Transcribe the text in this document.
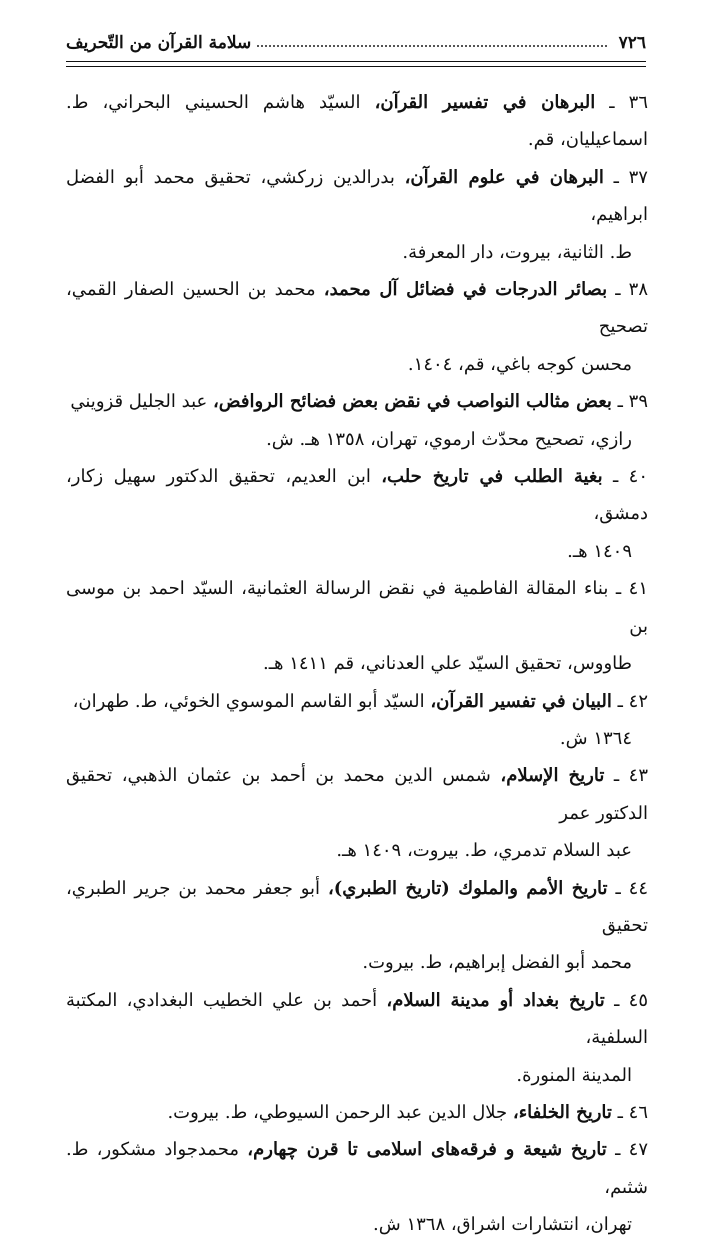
٧٢٦
سلامة القرآن من التّحريف
٣٦ ـ البرهان في تفسير القرآن، السيّد هاشم الحسيني البحراني، ط. اسماعيليان، قم.
٣٧ ـ البرهان في علوم القرآن، بدرالدين زركشي، تحقيق محمد أبو الفضل ابراهيم،
ط. الثانية، بيروت، دار المعرفة.
٣٨ ـ بصائر الدرجات في فضائل آل محمد، محمد بن الحسين الصفار القمي، تصحيح
محسن كوجه باغي، قم، ١٤٠٤.
٣٩ ـ بعض مثالب النواصب في نقض بعض فضائح الروافض، عبد الجليل قزويني
رازي، تصحيح محدّث ارموي، تهران، ١٣٥٨ هـ. ش.
٤٠ ـ بغية الطلب في تاريخ حلب، ابن العديم، تحقيق الدكتور سهيل زكار، دمشق،
١٤٠٩ هـ.
٤١ ـ بناء المقالة الفاطمية في نقض الرسالة العثمانية، السيّد احمد بن موسى بن
طاووس، تحقيق السيّد علي العدناني، قم ١٤١١ هـ.
٤٢ ـ البيان في تفسير القرآن، السيّد أبو القاسم الموسوي الخوئي، ط. طهران،
١٣٦٤ ش.
٤٣ ـ تاريخ الإسلام، شمس الدين محمد بن أحمد بن عثمان الذهبي، تحقيق الدكتور عمر
عبد السلام تدمري، ط. بيروت، ١٤٠٩ هـ.
٤٤ ـ تاريخ الأمم والملوك (تاريخ الطبري)، أبو جعفر محمد بن جرير الطبري، تحقيق
محمد أبو الفضل إبراهيم، ط. بيروت.
٤٥ ـ تاريخ بغداد أو مدينة السلام، أحمد بن علي الخطيب البغدادي، المكتبة السلفية،
المدينة المنورة.
٤٦ ـ تاريخ الخلفاء، جلال الدين عبد الرحمن السيوطي، ط. بيروت.
٤٧ ـ تاريخ شيعة و فرقه‌هاى اسلامى تا قرن چهارم، محمدجواد مشكور، ط. شثىم،
تهران، انتشارات اشراق، ١٣٦٨ ش.
